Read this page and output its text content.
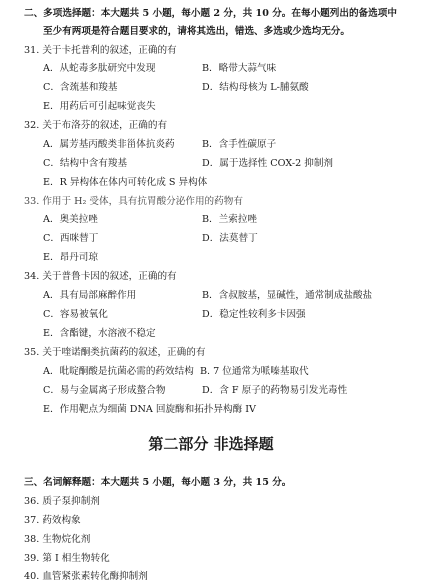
二、多项选择题：本大题共 5 小题，每小题 2 分，共 10 分。在每小题列出的备选项中
至少有两项是符合题目要求的，请将其选出，错选、多选或少选均无分。
31. 关于卡托普利的叙述，正确的有
A．从蛇毒多肽研究中发现	B．略带大蒜气味
C．含巯基和羧基	D．结构母核为 L-脯氨酸
E．用药后可引起味觉丧失
32. 关于布洛芬的叙述，正确的有
A．属芳基丙酸类非甾体抗炎药	B．含手性碳原子
C．结构中含有羧基	D．属于选择性 COX-2 抑制剂
E．R 异构体在体内可转化成 S 异构体
33. 作用于 H₂ 受体，具有抗胃酸分泌作用的药物有
A．奥美拉唑	B．兰索拉唑
C．西咪替丁	D．法莫替丁
E．昂丹司琼
34. 关于普鲁卡因的叙述，正确的有
A．具有局部麻醉作用	B．含叔胺基，显碱性，通常制成盐酸盐
C．容易被氧化	D．稳定性较利多卡因强
E．含酯键，水溶液不稳定
35. 关于喹诺酮类抗菌药的叙述，正确的有
A．吡啶酮酸是抗菌必需的药效结构 B. 7 位通常为哌嗪基取代
C．易与金属离子形成螯合物	D．含 F 原子的药物易引发光毒性
E．作用靶点为细菌 DNA 回旋酶和拓扑异构酶 IV
第二部分 非选择题
三、名词解释题：本大题共 5 小题，每小题 3 分，共 15 分。
36. 质子泵抑制剂
37. 药效构象
38. 生物烷化剂
39. 第 I 相生物转化
40. 血管紧张素转化酶抑制剂
